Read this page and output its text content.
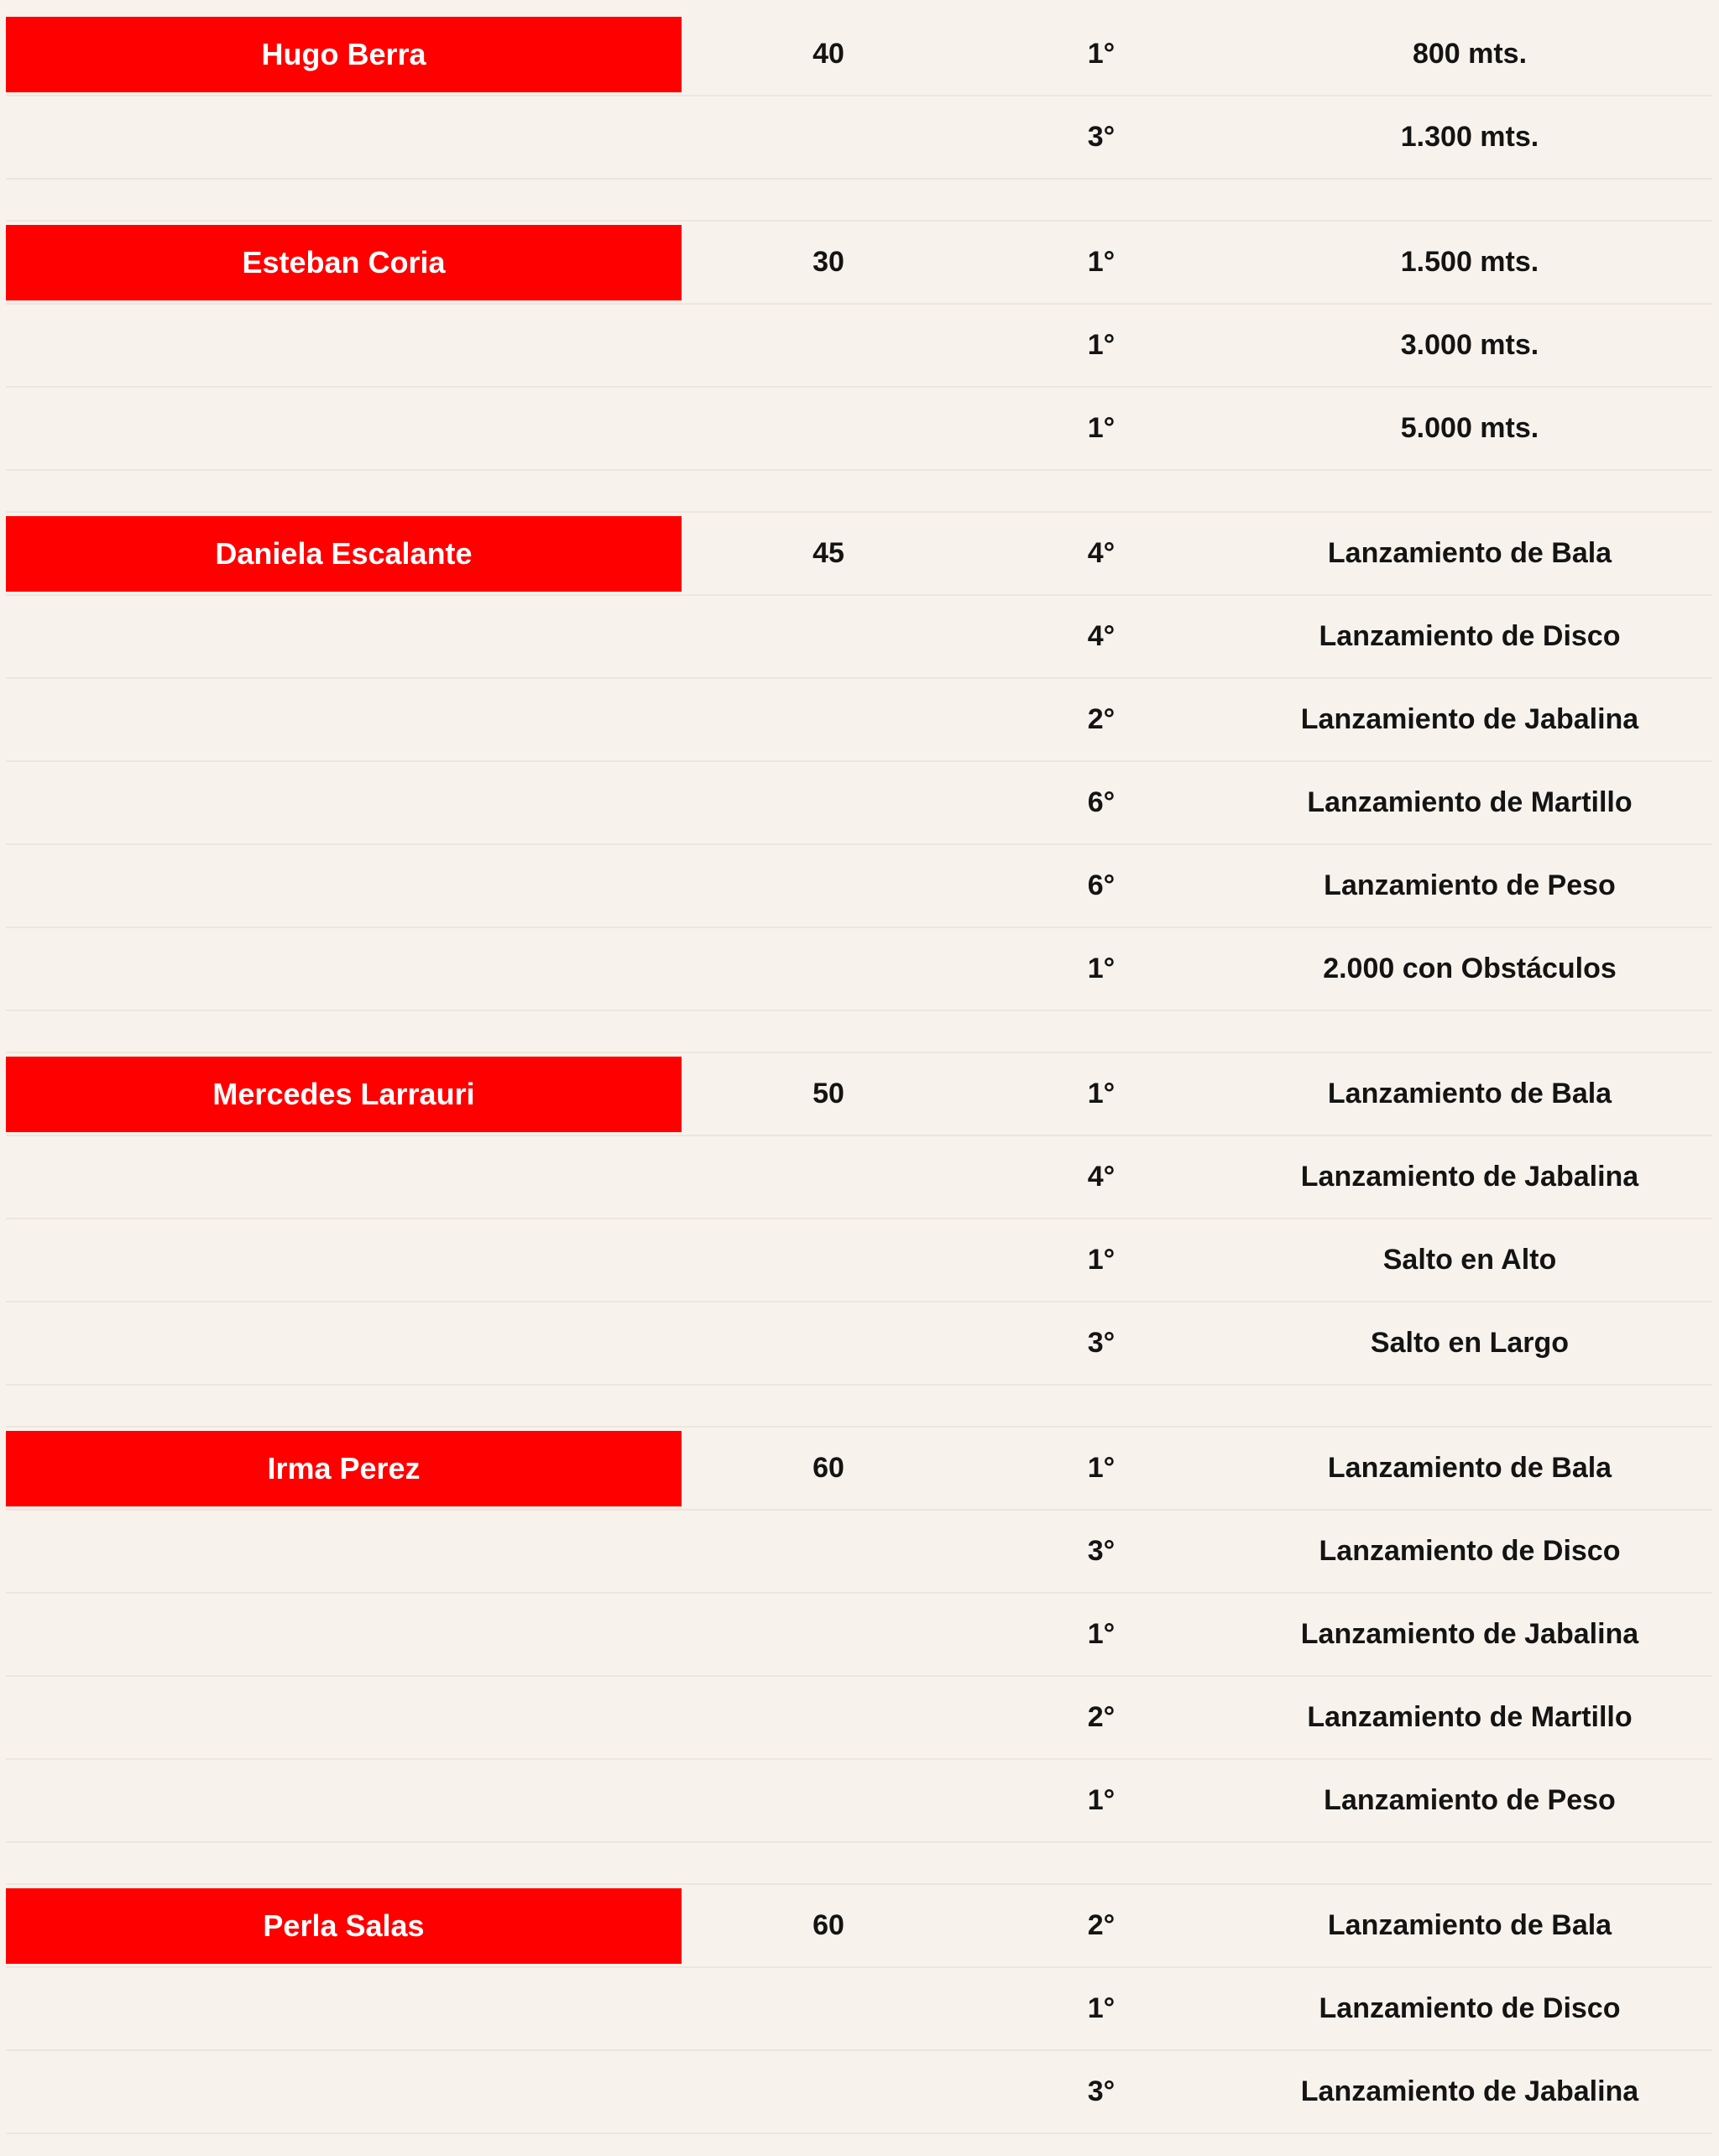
Hugo Berra	40	1°	800 mts.
3°	1.300 mts.
Esteban Coria	30	1°	1.500 mts.
1°	3.000 mts.
1°	5.000 mts.
Daniela Escalante	45	4°	Lanzamiento de Bala
4°	Lanzamiento de Disco
2°	Lanzamiento de Jabalina
6°	Lanzamiento de Martillo
6°	Lanzamiento de Peso
1°	2.000 con Obstáculos
Mercedes Larrauri	50	1°	Lanzamiento de Bala
4°	Lanzamiento de Jabalina
1°	Salto en Alto
3°	Salto en Largo
Irma Perez	60	1°	Lanzamiento de Bala
3°	Lanzamiento de Disco
1°	Lanzamiento de Jabalina
2°	Lanzamiento de Martillo
1°	Lanzamiento de Peso
Perla Salas	60	2°	Lanzamiento de Bala
1°	Lanzamiento de Disco
3°	Lanzamiento de Jabalina
